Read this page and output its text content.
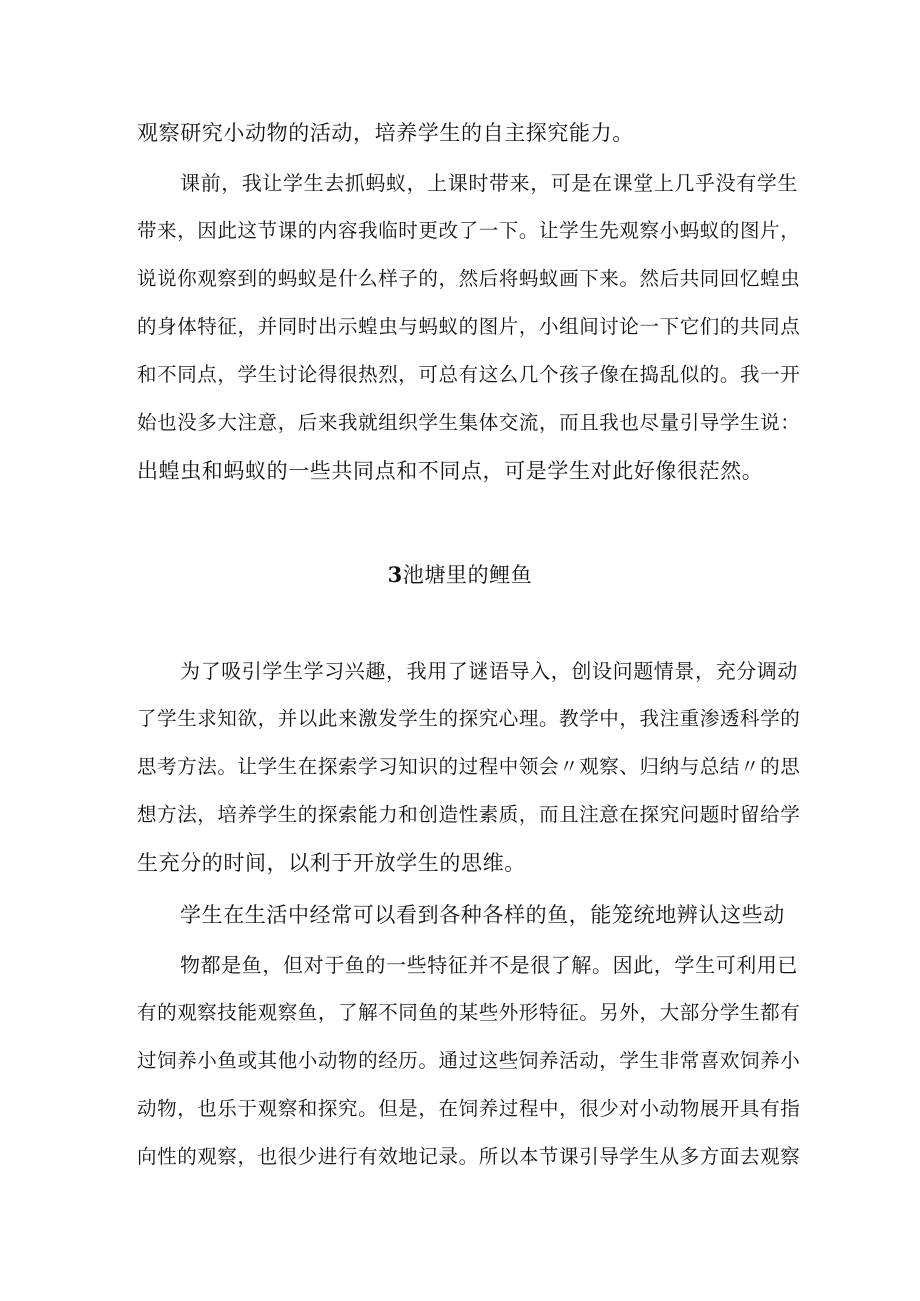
观察研究小动物的活动，培养学生的自主探究能力。

课前，我让学生去抓蚂蚁，上课时带来，可是在课堂上几乎没有学生

带来，因此这节课的内容我临时更改了一下。让学生先观察小蚂蚁的图片，

说说你观察到的蚂蚁是什么样子的，然后将蚂蚁画下来。然后共同回忆蝗虫

的身体特征，并同时出示蝗虫与蚂蚁的图片，小组间讨论一下它们的共同点

和不同点，学生讨论得很热烈，可总有这么几个孩子像在捣乱似的。我一开

始也没多大注意，后来我就组织学生集体交流，而且我也尽量引导学生说：

出蝗虫和蚂蚁的一些共同点和不同点，可是学生对此好像很茫然。

3池塘里的鲤鱼

为了吸引学生学习兴趣，我用了谜语导入，创设问题情景，充分调动

了学生求知欲，并以此来激发学生的探究心理。教学中，我注重渗透科学的

思考方法。让学生在探索学习知识的过程中领会〃观察、归纳与总结〃的思

想方法，培养学生的探索能力和创造性素质，而且注意在探究问题时留给学

生充分的时间，以利于开放学生的思维。

学生在生活中经常可以看到各种各样的鱼，能笼统地辨认这些动

物都是鱼，但对于鱼的一些特征并不是很了解。因此，学生可利用已

有的观察技能观察鱼，了解不同鱼的某些外形特征。另外，大部分学生都有

过饲养小鱼或其他小动物的经历。通过这些饲养活动，学生非常喜欢饲养小

动物，也乐于观察和探究。但是，在饲养过程中，很少对小动物展开具有指

向性的观察，也很少进行有效地记录。所以本节课引导学生从多方面去观察
